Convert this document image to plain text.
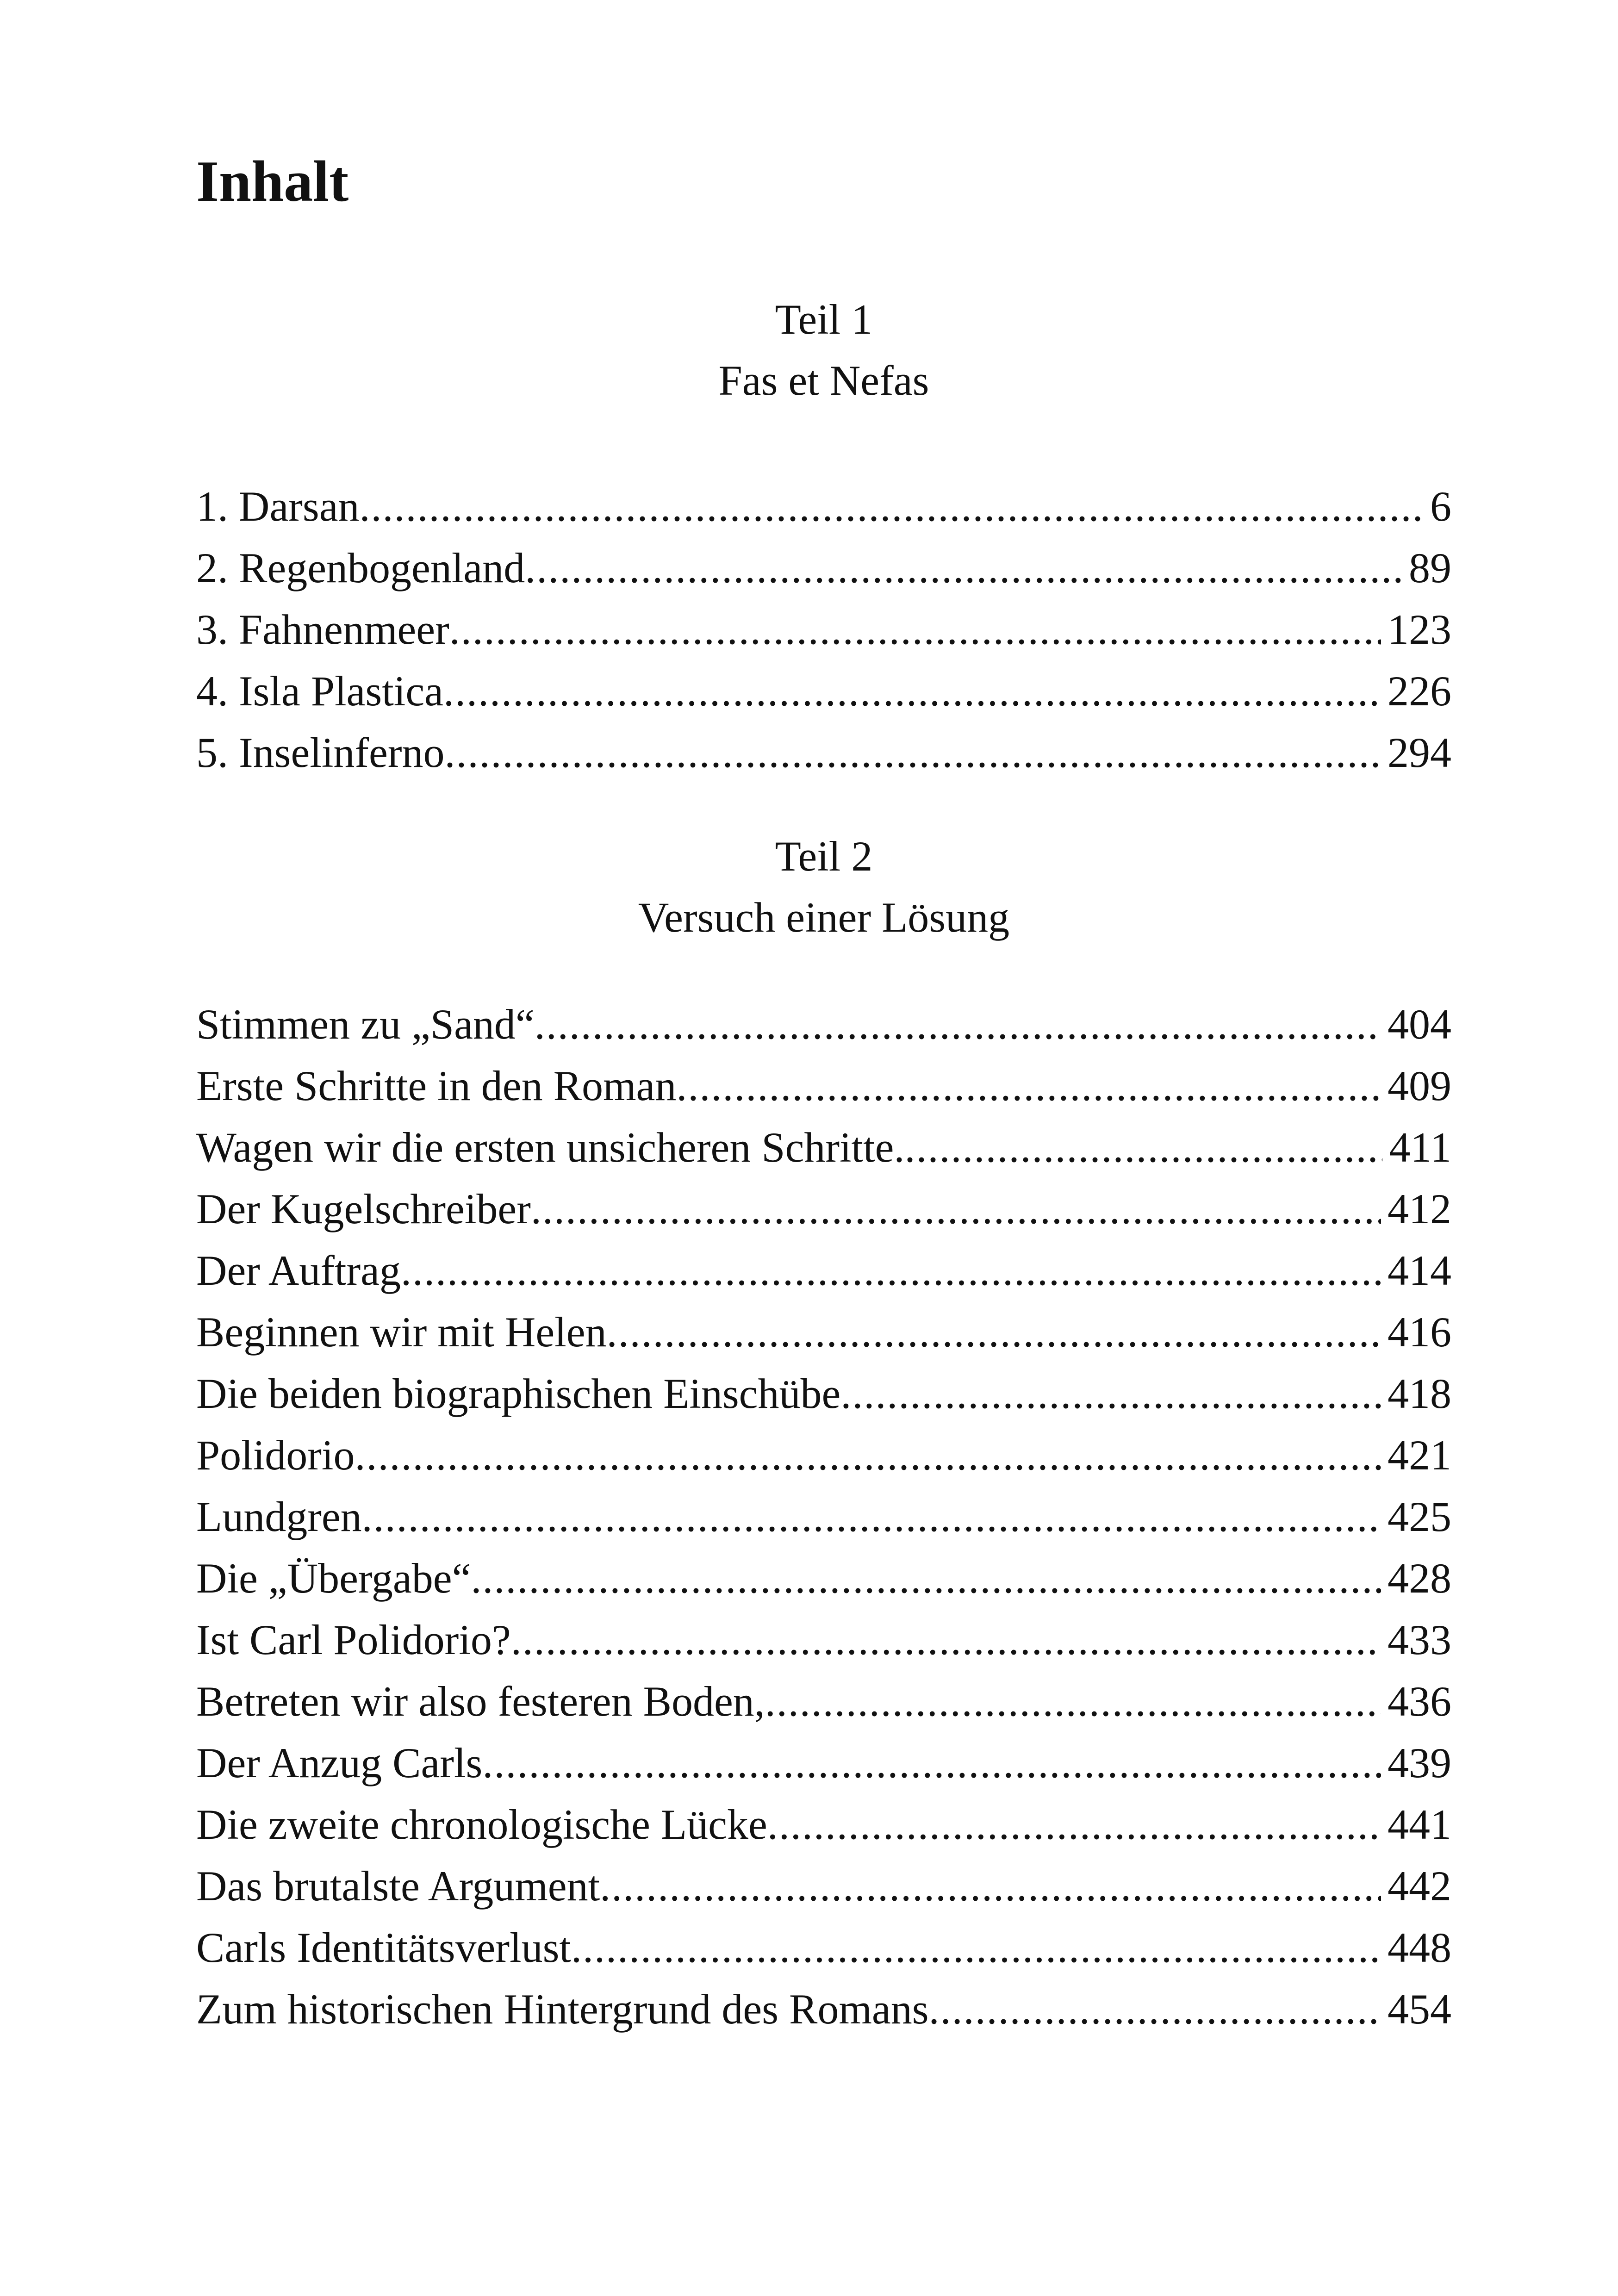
Inhalt
Teil 1
Fas et Nefas
1. Darsan .....	6
2. Regenbogenland .....	89
3. Fahnenmeer .....	123
4. Isla Plastica .....	226
5. Inselinferno .....	294
Teil 2
Versuch einer Lösung
Stimmen zu „Sand“ .....	404
Erste Schritte in den Roman .....	409
Wagen wir die ersten unsicheren Schritte. .....	411
Der Kugelschreiber .....	412
Der Auftrag .....	414
Beginnen wir mit Helen .....	416
Die beiden biographischen Einschübe .....	418
Polidorio .....	421
Lundgren .....	425
Die „Übergabe“ .....	428
Ist Carl Polidorio? .....	433
Betreten wir also festeren Boden, .....	436
Der Anzug Carls .....	439
Die zweite chronologische Lücke .....	441
Das brutalste Argument .....	442
Carls Identitätsverlust .....	448
Zum historischen Hintergrund des Romans .....	454
